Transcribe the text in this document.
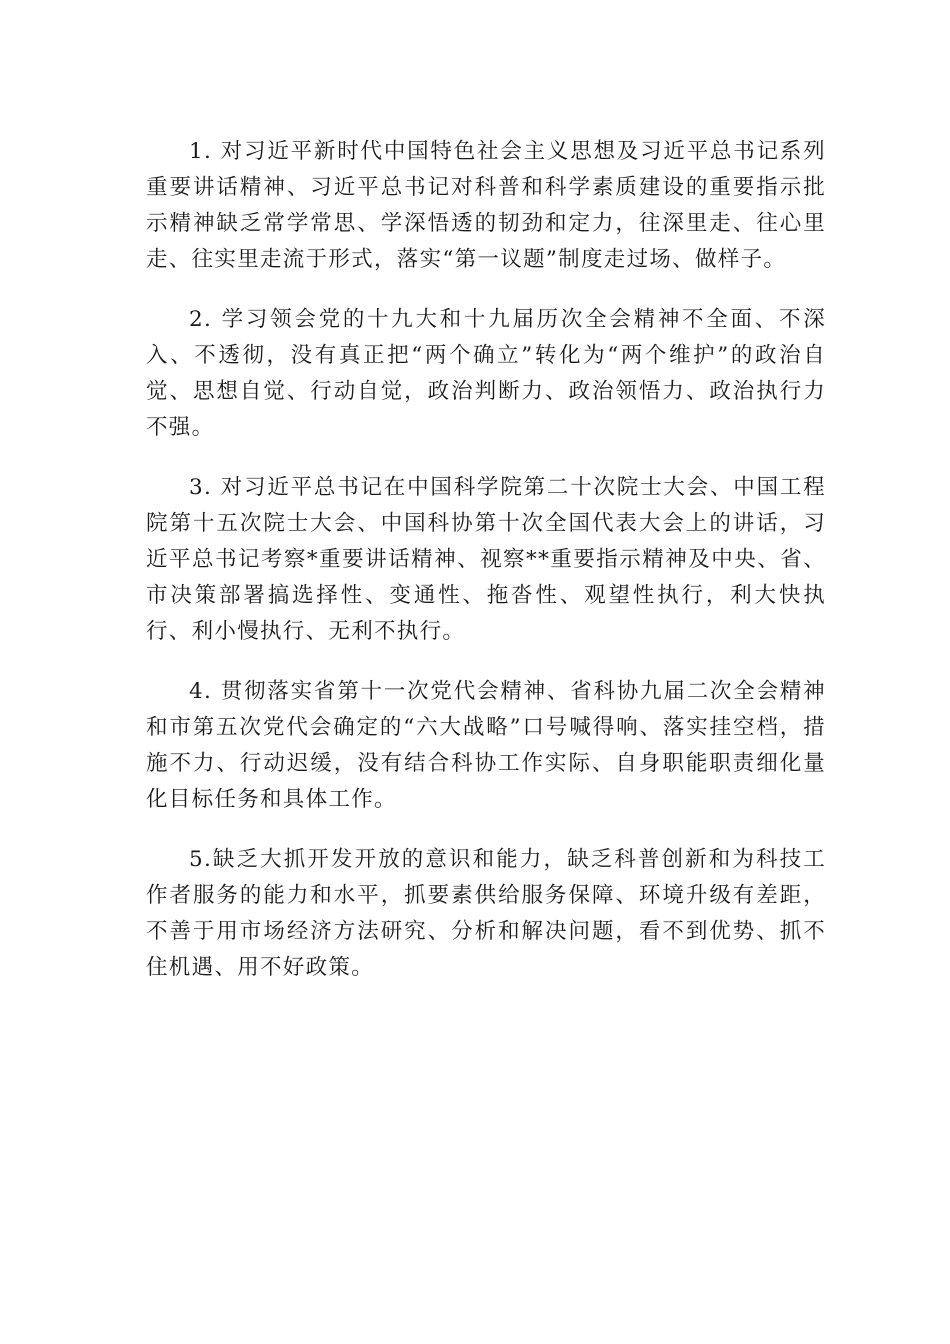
1. 对习近平新时代中国特色社会主义思想及习近平总书记系列重要讲话精神、习近平总书记对科普和科学素质建设的重要指示批示精神缺乏常学常思、学深悟透的韧劲和定力，往深里走、往心里走、往实里走流于形式，落实“第一议题”制度走过场、做样子。

2. 学习领会党的十九大和十九届历次全会精神不全面、不深入、不透彻，没有真正把“两个确立”转化为“两个维护”的政治自觉、思想自觉、行动自觉，政治判断力、政治领悟力、政治执行力不强。

3. 对习近平总书记在中国科学院第二十次院士大会、中国工程院第十五次院士大会、中国科协第十次全国代表大会上的讲话，习近平总书记考察*重要讲话精神、视察**重要指示精神及中央、省、市决策部署搞选择性、变通性、拖沓性、观望性执行，利大快执行、利小慢执行、无利不执行。

4. 贯彻落实省第十一次党代会精神、省科协九届二次全会精神和市第五次党代会确定的“六大战略”口号喊得响、落实挂空档，措施不力、行动迟缓，没有结合科协工作实际、自身职能职责细化量化目标任务和具体工作。

5.缺乏大抓开发开放的意识和能力，缺乏科普创新和为科技工作者服务的能力和水平，抓要素供给服务保障、环境升级有差距，不善于用市场经济方法研究、分析和解决问题，看不到优势、抓不住机遇、用不好政策。
